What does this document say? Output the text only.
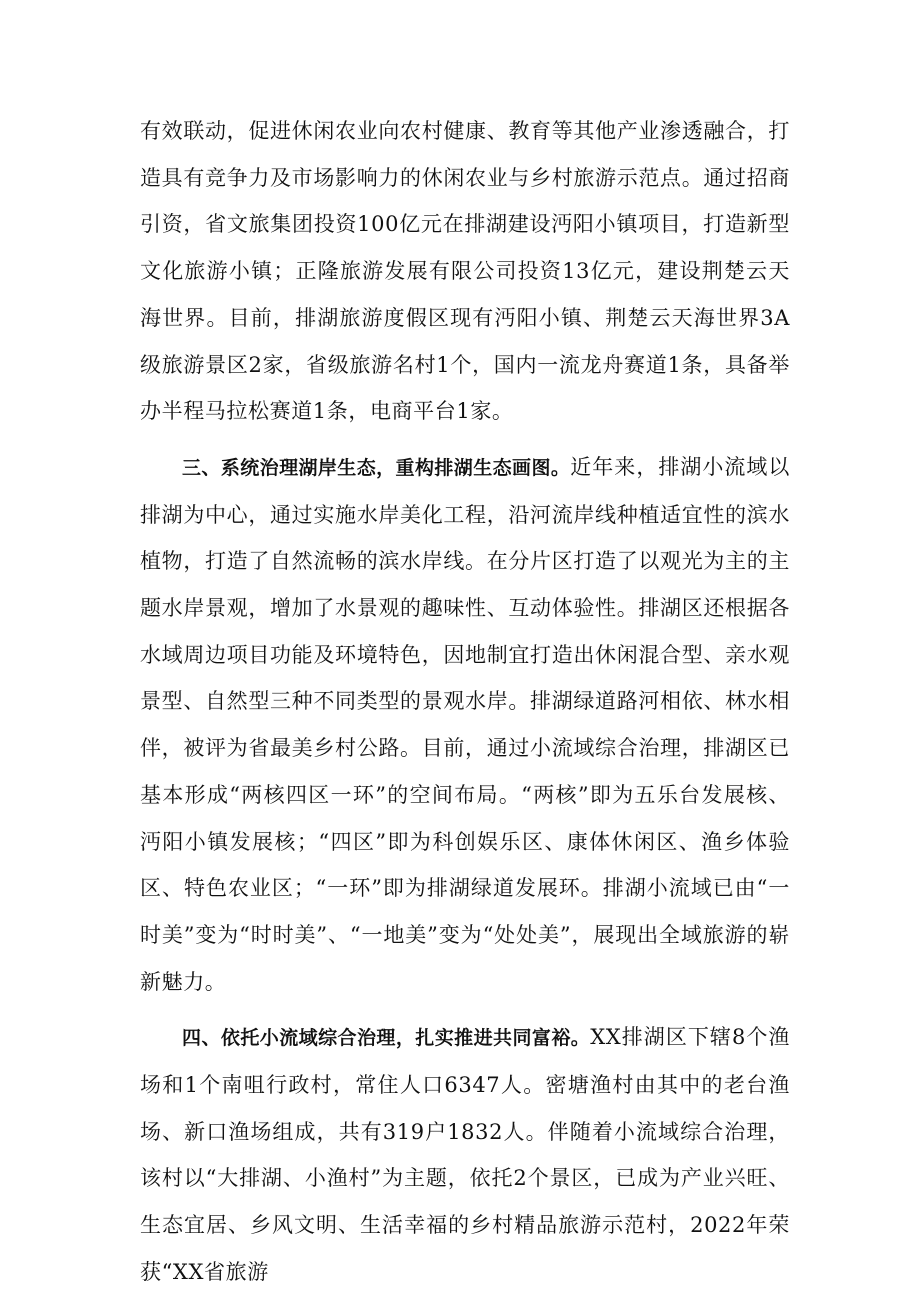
有效联动，促进休闲农业向农村健康、教育等其他产业渗透融合，打造具有竞争力及市场影响力的休闲农业与乡村旅游示范点。通过招商引资，省文旅集团投资100亿元在排湖建设沔阳小镇项目，打造新型文化旅游小镇；正隆旅游发展有限公司投资13亿元，建设荆楚云天海世界。目前，排湖旅游度假区现有沔阳小镇、荆楚云天海世界3A级旅游景区2家，省级旅游名村1个，国内一流龙舟赛道1条，具备举办半程马拉松赛道1条，电商平台1家。

三、系统治理湖岸生态，重构排湖生态画图。近年来，排湖小流域以排湖为中心，通过实施水岸美化工程，沿河流岸线种植适宜性的滨水植物，打造了自然流畅的滨水岸线。在分片区打造了以观光为主的主题水岸景观，增加了水景观的趣味性、互动体验性。排湖区还根据各水域周边项目功能及环境特色，因地制宜打造出休闲混合型、亲水观景型、自然型三种不同类型的景观水岸。排湖绿道路河相依、林水相伴，被评为省最美乡村公路。目前，通过小流域综合治理，排湖区已基本形成“两核四区一环”的空间布局。“两核”即为五乐台发展核、沔阳小镇发展核；“四区”即为科创娱乐区、康体休闲区、渔乡体验区、特色农业区；“一环”即为排湖绿道发展环。排湖小流域已由“一时美”变为“时时美”、“一地美”变为“处处美”，展现出全域旅游的崭新魅力。

四、依托小流域综合治理，扎实推进共同富裕。XX排湖区下辖8个渔场和1个南咀行政村，常住人口6347人。密塘渔村由其中的老台渔场、新口渔场组成，共有319户1832人。伴随着小流域综合治理，该村以“大排湖、小渔村”为主题，依托2个景区，已成为产业兴旺、生态宜居、乡风文明、生活幸福的乡村精品旅游示范村，2022年荣获“XX省旅游
